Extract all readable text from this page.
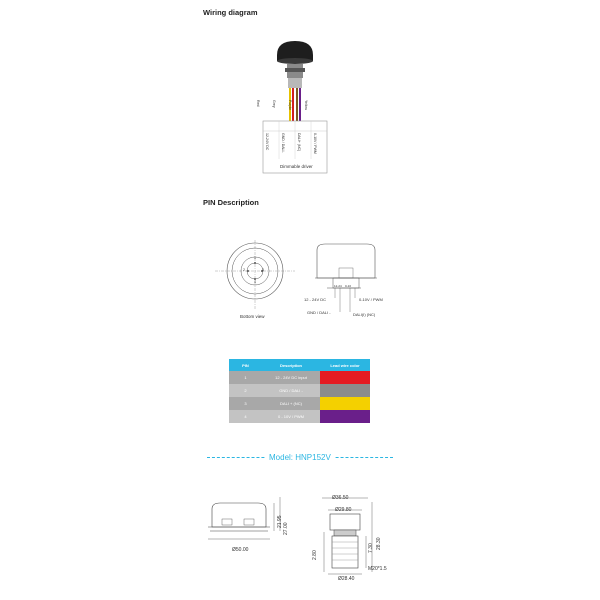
Wiring diagram
PIN Description
Red	Grey	Purple	Yellow
12-24V DC	GND / DALI-	DALI+ (NC)	0-10V / PWM
Dimmable driver
1
2	3
4
Bottom view
12-24 0-10
12 - 24V DC	0-10V / PWM
GND / DALI -	DALI(I) (NC)
PIN	Description	Lead wire color
1	12 - 24V DC input	
2	GND / DALI -	
3	DALI + (NC)	
4	0 - 10V / PWM	
Model: HNP152V
21.95
27.00
Ø50.00
Ø36.50
Ø29.80
28.30
7.30
2.80
Ø28.40
M20*1.5
